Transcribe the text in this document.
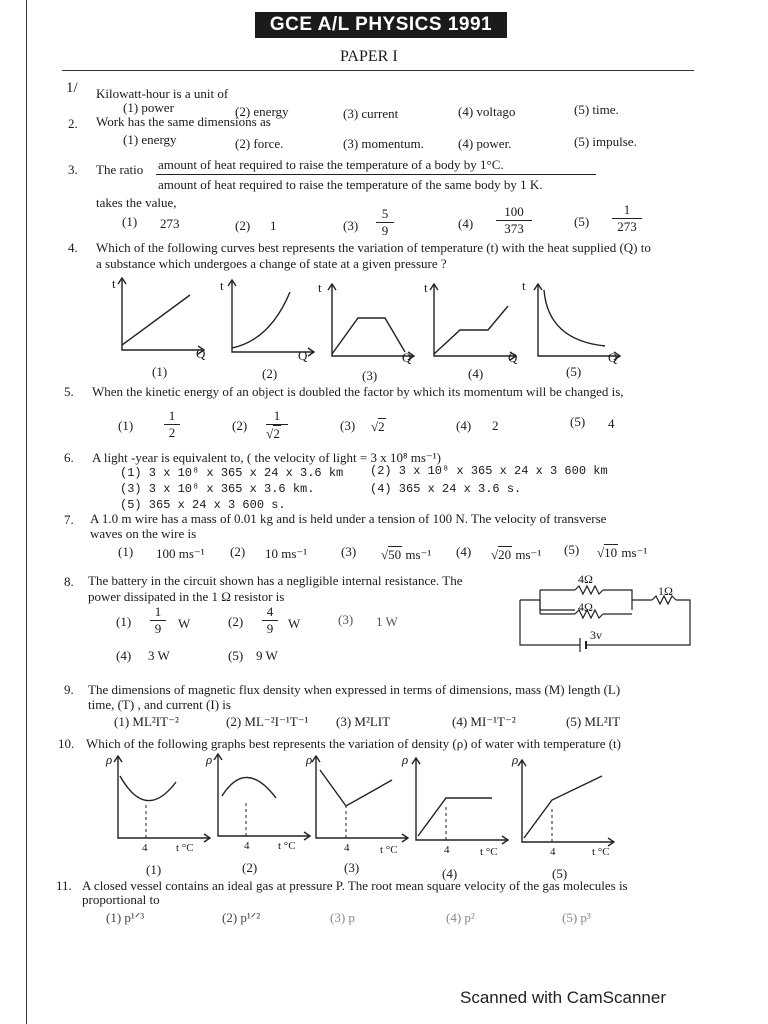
GCE A/L PHYSICS 1991
PAPER I
1/ Kilowatt-hour is a unit of
(1) power	(2) energy	(3) current	(4) voltago	(5) time.
2. Work has the same dimensions as
(1) energy	(2) force.	(3) momentum.	(4) power.	(5) impulse.
3. The ratio amount of heat required to raise the temperature of a body by 1°C.
amount of heat required to raise the temperature of the same body by 1 K.
takes the value,
(1) 273	(2) 1	$(3) \frac{5}{9}$	$(4) \frac{100}{373}$	$(5) \frac{1}{273}$
4. Which of the following curves best represents the variation of temperature (t) with the heat supplied (Q) to
a substance which undergoes a change of state at a given pressure ?
t	t	t	t	t
Q	Q	Q	Q	Q
(1)	(2)	(3)	(4)	(5)
5. When the kinetic energy of an object is doubled the factor by which its momentum will be changed is,
$(1) \frac{1}{2}$	(2) 1
√ 2	(3) √ 2	(4) 2	(5) 4
6. A light -year is equivalent to, ( the velocity of light = 3 x 10⁸ ms⁻¹)
(1) 3 x 10⁸ x 365 x 24 x 3.6 km (2) 3 x 10⁸ x 365 x 24 x 3 600 km
(3) 3 x 10⁸ x 365 x 3.6 km.	(4) 365 x 24 x 3.6 s.
(5) 365 x 24 x 3 600 s.
7. A 1.0 m wire has a mass of 0.01 kg and is held under a tension of 100 N. The velocity of transverse
waves on the wire is
(1) 100 ms⁻¹ (2) 10 ms⁻¹	(3) √ 50 ms⁻¹ (4) √ 20 ms⁻¹ (5) √ 10 ms⁻¹
8. The battery in the circuit shown has a negligible internal resistance. The
power dissipated in the 1 Ω resistor is
$(1) \frac{1}{9}$ W	$(2) \frac{4}{9}$ W	(3) 1 W
(4) 3 W	(5) 9 W
4Ω
4Ω
1Ω
3v
9. The dimensions of magnetic flux density when expressed in terms of dimensions, mass (M) length (L)
time, (T) , and current (I) is
(1) ML²IT⁻²	(2) ML⁻²I⁻¹T⁻¹ (3) M²LIT	(4) MI⁻¹T⁻²	(5) ML²IT
10. Which of the following graphs best represents the variation of density (ρ) of water with temperature (t)
ρ	ρ	ρ	ρ	ρ
4	4	4	4	4
t °C	t °C	t °C	t °C	t °C
(1)	(2)	(3)	(4)	(5)
11. A closed vessel contains an ideal gas at pressure P. The root mean square velocity of the gas molecules is
proportional to
(1) p¹ᐟ³	(2) p¹ᐟ²	(3) p	(4) p²	(5) p³
Scanned with CamScanner
